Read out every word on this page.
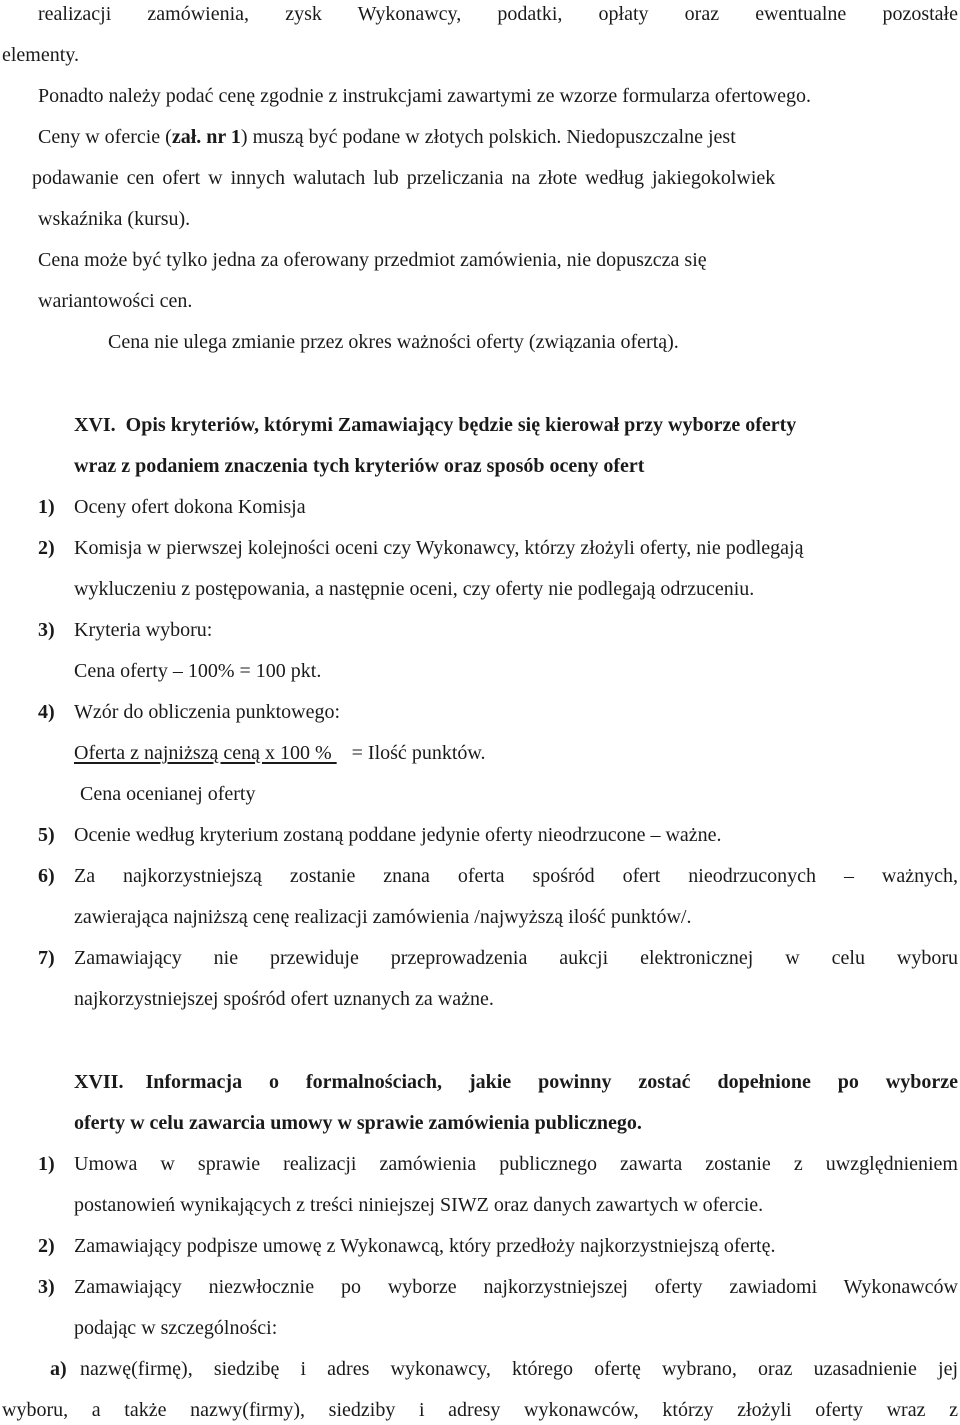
realizacji zamówienia, zysk Wykonawcy, podatki, opłaty oraz ewentualne pozostałe
elementy.
Ponadto należy podać cenę zgodnie z instrukcjami zawartymi ze wzorze formularza ofertowego.
Ceny w ofercie (zał. nr 1) muszą być podane w złotych polskich. Niedopuszczalne jest
podawanie cen ofert w innych walutach lub przeliczania na złote według jakiegokolwiek
wskaźnika (kursu).
Cena może być tylko jedna za oferowany przedmiot zamówienia, nie dopuszcza się
wariantowości cen.
Cena nie ulega zmianie przez okres ważności oferty (związania ofertą).
XVI. Opis kryteriów, którymi Zamawiający będzie się kierował przy wyborze oferty
wraz z podaniem znaczenia tych kryteriów oraz sposób oceny ofert
1) Oceny ofert dokona Komisja
2) Komisja w pierwszej kolejności oceni czy Wykonawcy, którzy złożyli oferty, nie podlegają
wykluczeniu z postępowania, a następnie oceni, czy oferty nie podlegają odrzuceniu.
3) Kryteria wyboru:
Cena oferty – 100% = 100 pkt.
4) Wzór do obliczenia punktowego:
Oferta z najniższą ceną x 100 %    = Ilość punktów.
Cena ocenianej oferty
5) Ocenie według kryterium zostaną poddane jedynie oferty nieodrzucone – ważne.
6) Za najkorzystniejszą zostanie znana oferta spośród ofert nieodrzuconych – ważnych,
zawierająca najniższą cenę realizacji zamówienia /najwyższą ilość punktów/.
7) Zamawiający nie przewiduje przeprowadzenia aukcji elektronicznej w celu wyboru
najkorzystniejszej spośród ofert uznanych za ważne.
XVII. Informacja o formalnościach, jakie powinny zostać dopełnione po wyborze
oferty w celu zawarcia umowy w sprawie zamówienia publicznego.
1) Umowa w sprawie realizacji zamówienia publicznego zawarta zostanie z uwzględnieniem
postanowień wynikających z treści niniejszej SIWZ oraz danych zawartych w ofercie.
2) Zamawiający podpisze umowę z Wykonawcą, który przedłoży najkorzystniejszą ofertę.
3) Zamawiający niezwłocznie po wyborze najkorzystniejszej oferty zawiadomi Wykonawców
podając w szczególności:
a) nazwę(firmę), siedzibę i adres wykonawcy, którego ofertę wybrano, oraz uzasadnienie jej
wyboru, a także nazwy(firmy), siedziby i adresy wykonawców, którzy złożyli oferty wraz z
